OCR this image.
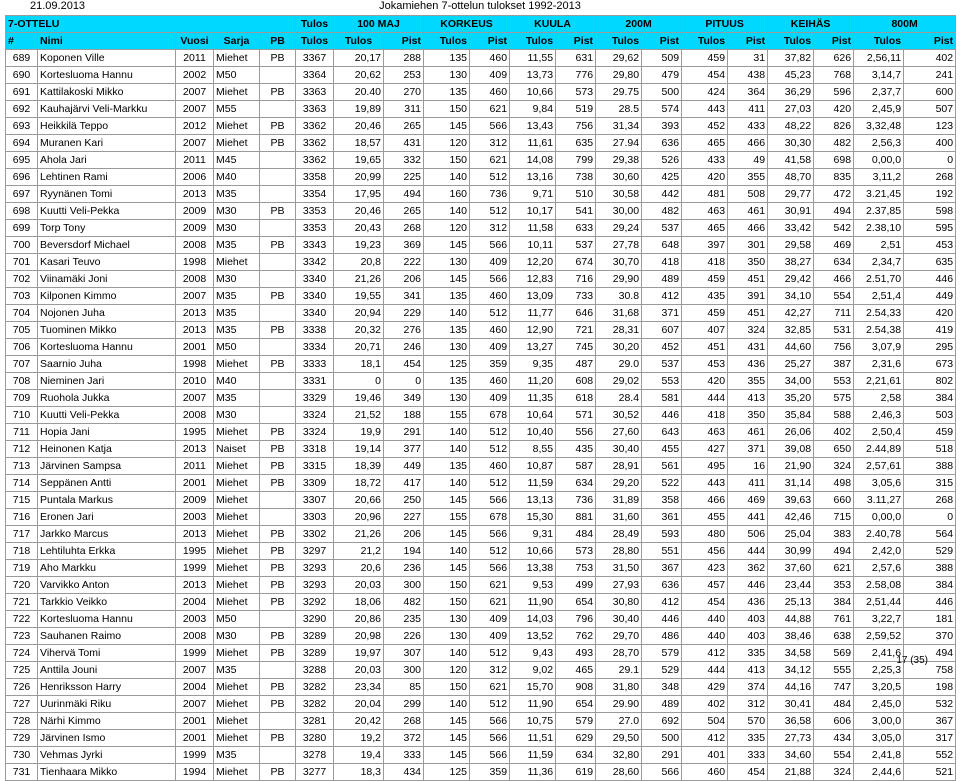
Jokamiehen 7-ottelun tulokset 1992-2013
21.09.2013
7-OTTELU					Tulos	100 MAJ		KORKEUS		KUULA		200M		PITUUS		KEIHÄS		800M	
#	Nimi	Vuosi	Sarja	PB	Tulos	Tulos	Pist	Tulos	Pist	Tulos	Pist	Tulos	Pist	Tulos	Pist	Tulos	Pist	Tulos	Pist
689	Koponen Ville	2011	Miehet	PB	3367	20,17	288	135	460	11,55	631	29,62	509	459	31	37,82	626	2,56,11	402
690	Kortesluoma Hannu	2002	M50		3364	20,62	253	130	409	13,73	776	29,80	479	454	438	45,23	768	3,14,7	241
691	Kattilakoski Mikko	2007	Miehet	PB	3363	20.40	270	135	460	10,66	573	29.75	500	424	364	36,29	596	2,37,7	600
692	Kauhajärvi Veli-Markku	2007	M55		3363	19,89	311	150	621	9,84	519	28.5	574	443	411	27,03	420	2,45,9	507
693	Heikkilä Teppo	2012	Miehet	PB	3362	20,46	265	145	566	13,43	756	31,34	393	452	433	48,22	826	3,32,48	123
694	Muranen Kari	2007	Miehet	PB	3362	18,57	431	120	312	11,61	635	27.94	636	465	466	30,30	482	2,56,3	400
695	Ahola Jari	2011	M45		3362	19,65	332	150	621	14,08	799	29,38	526	433	49	41,58	698	0,00,0	0
696	Lehtinen Rami	2006	M40		3358	20,99	225	140	512	13,16	738	30,60	425	420	355	48,70	835	3,11,2	268
697	Ryynänen Tomi	2013	M35		3354	17,95	494	160	736	9,71	510	30,58	442	481	508	29,77	472	3.21,45	192
698	Kuutti Veli-Pekka	2009	M30	PB	3353	20,46	265	140	512	10,17	541	30,00	482	463	461	30,91	494	2.37,85	598
699	Torp Tony	2009	M30		3353	20,43	268	120	312	11,58	633	29,24	537	465	466	33,42	542	2.38,10	595
700	Beversdorf Michael	2008	M35	PB	3343	19,23	369	145	566	10,11	537	27,78	648	397	301	29,58	469	2,51	453
701	Kasari Teuvo	1998	Miehet		3342	20,8	222	130	409	12,20	674	30,70	418	418	350	38,27	634	2,34,7	635
702	Viinamäki Joni	2008	M30		3340	21,26	206	145	566	12,83	716	29,90	489	459	451	29,42	466	2.51,70	446
703	Kilponen Kimmo	2007	M35	PB	3340	19,55	341	135	460	13,09	733	30.8	412	435	391	34,10	554	2,51,4	449
704	Nojonen Juha	2013	M35		3340	20,94	229	140	512	11,77	646	31,68	371	459	451	42,27	711	2.54,33	420
705	Tuominen Mikko	2013	M35	PB	3338	20,32	276	135	460	12,90	721	28,31	607	407	324	32,85	531	2.54,38	419
706	Kortesluoma Hannu	2001	M50		3334	20,71	246	130	409	13,27	745	30,20	452	451	431	44,60	756	3,07,9	295
707	Saarnio Juha	1998	Miehet	PB	3333	18,1	454	125	359	9,35	487	29.0	537	453	436	25,27	387	2,31,6	673
708	Nieminen Jari	2010	M40		3331	0	0	135	460	11,20	608	29,02	553	420	355	34,00	553	2,21,61	802
709	Ruohola Jukka	2007	M35		3329	19,46	349	130	409	11,35	618	28.4	581	444	413	35,20	575	2,58	384
710	Kuutti Veli-Pekka	2008	M30		3324	21,52	188	155	678	10,64	571	30,52	446	418	350	35,84	588	2,46,3	503
711	Hopia Jani	1995	Miehet	PB	3324	19,9	291	140	512	10,40	556	27,60	643	463	461	26,06	402	2,50,4	459
712	Heinonen Katja	2013	Naiset	PB	3318	19,14	377	140	512	8,55	435	30,40	455	427	371	39,08	650	2.44,89	518
713	Järvinen Sampsa	2011	Miehet	PB	3315	18,39	449	135	460	10,87	587	28,91	561	495	16	21,90	324	2,57,61	388
714	Seppänen Antti	2001	Miehet	PB	3309	18,72	417	140	512	11,59	634	29,20	522	443	411	31,14	498	3,05,6	315
715	Puntala Markus	2009	Miehet		3307	20,66	250	145	566	13,13	736	31,89	358	466	469	39,63	660	3.11,27	268
716	Eronen Jari	2003	Miehet		3303	20,96	227	155	678	15,30	881	31,60	361	455	441	42,46	715	0,00,0	0
717	Jarkko Marcus	2013	Miehet	PB	3302	21,26	206	145	566	9,31	484	28,49	593	480	506	25,04	383	2.40,78	564
718	Lehtiluhta Erkka	1995	Miehet	PB	3297	21,2	194	140	512	10,66	573	28,80	551	456	444	30,99	494	2,42,0	529
719	Aho Markku	1999	Miehet	PB	3293	20,6	236	145	566	13,38	753	31,50	367	423	362	37,60	621	2,57,6	388
720	Varvikko Anton	2013	Miehet	PB	3293	20,03	300	150	621	9,53	499	27,93	636	457	446	23,44	353	2.58,08	384
721	Tarkkio Veikko	2004	Miehet	PB	3292	18,06	482	150	621	11,90	654	30,80	412	454	436	25,13	384	2,51,44	446
722	Kortesluoma Hannu	2003	M50		3290	20,86	235	130	409	14,03	796	30,40	446	440	403	44,88	761	3,22,7	181
723	Sauhanen Raimo	2008	M30	PB	3289	20,98	226	130	409	13,52	762	29,70	486	440	403	38,46	638	2,59,52	370
724	Vihervä Tomi	1999	Miehet	PB	3289	19,97	307	140	512	9,43	493	28,70	579	412	335	34,58	569	2,41,6	494
725	Anttila Jouni	2007	M35		3288	20,03	300	120	312	9,02	465	29.1	529	444	413	34,12	555	2,25,3	758
726	Henriksson Harry	2004	Miehet	PB	3282	23,34	85	150	621	15,70	908	31,80	348	429	374	44,16	747	3,20,5	198
727	Uurinmäki Riku	2007	Miehet	PB	3282	20,04	299	140	512	11,90	654	29.90	489	402	312	30,41	484	2,45,0	532
728	Närhi Kimmo	2001	Miehet		3281	20,42	268	145	566	10,75	579	27.0	692	504	570	36,58	606	3,00,0	367
729	Järvinen Ismo	2001	Miehet	PB	3280	19,2	372	145	566	11,51	629	29,50	500	412	335	27,73	434	3,05,0	317
730	Vehmas Jyrki	1999	M35		3278	19,4	333	145	566	11,59	634	32,80	291	401	333	34,60	554	2,41,8	552
731	Tienhaara Mikko	1994	Miehet	PB	3277	18,3	434	125	359	11,36	619	28,60	566	460	454	21,88	324	2,44,6	521
17 (35)
